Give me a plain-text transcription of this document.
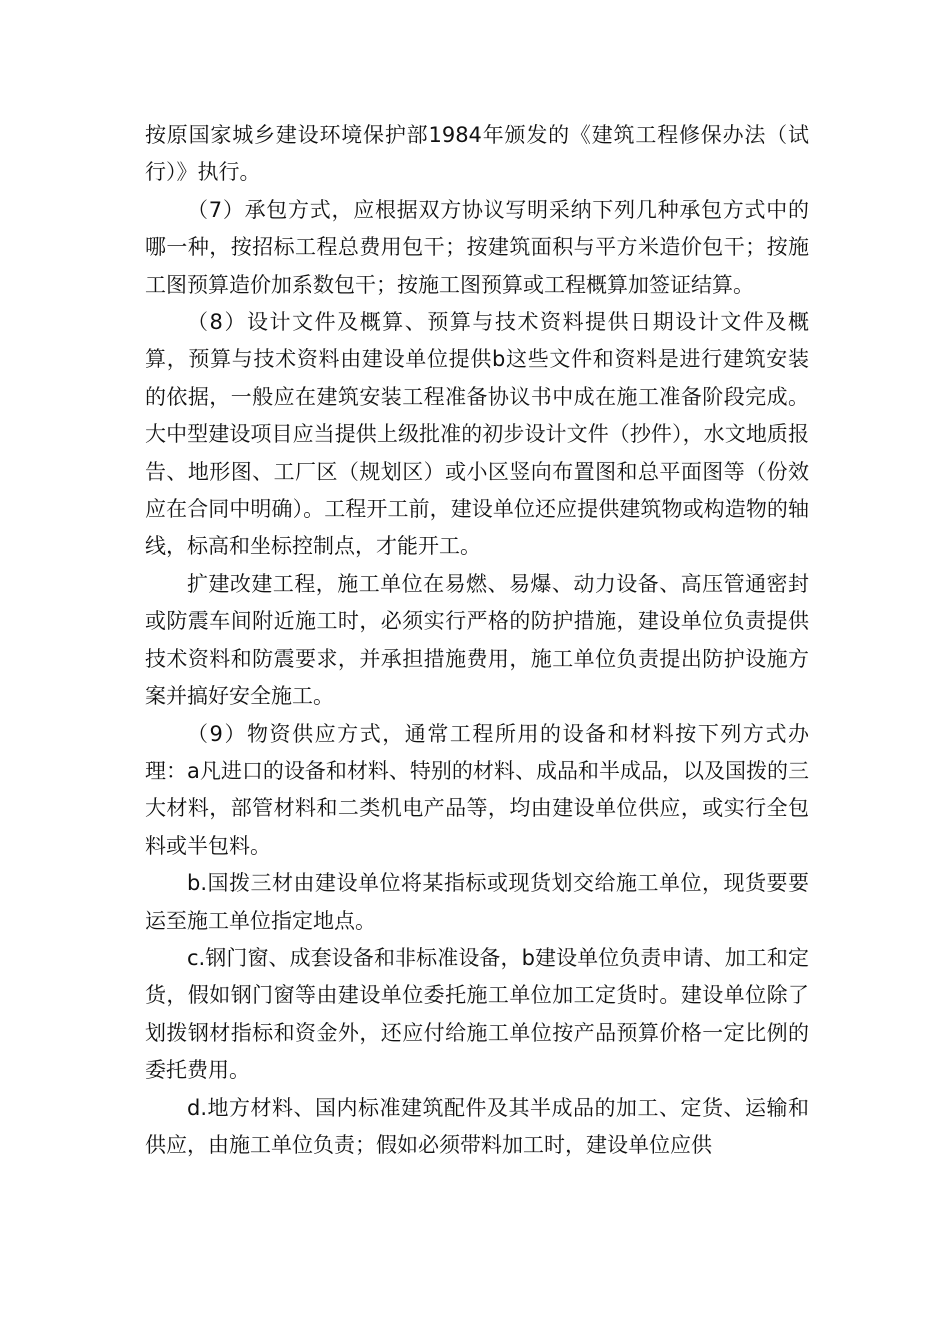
按原国家城乡建设环境保护部1984年颁发的《建筑工程修保办法（试行）》执行。

（7）承包方式，应根据双方协议写明采纳下列几种承包方式中的哪一种，按招标工程总费用包干；按建筑面积与平方米造价包干；按施工图预算造价加系数包干；按施工图预算或工程概算加签证结算。

（8）设计文件及概算、预算与技术资料提供日期设计文件及概算，预算与技术资料由建设单位提供b这些文件和资料是进行建筑安装的依据，一般应在建筑安装工程准备协议书中成在施工准备阶段完成。大中型建设项目应当提供上级批准的初步设计文件（抄件），水文地质报告、地形图、工厂区（规划区）或小区竖向布置图和总平面图等（份效应在合同中明确）。工程开工前，建设单位还应提供建筑物或构造物的轴线，标高和坐标控制点，才能开工。

扩建改建工程，施工单位在易燃、易爆、动力设备、高压管通密封或防震车间附近施工时，必须实行严格的防护措施，建设单位负责提供技术资料和防震要求，并承担措施费用，施工单位负责提出防护设施方案并搞好安全施工。

（9）物资供应方式，通常工程所用的设备和材料按下列方式办理：a凡进口的设备和材料、特别的材料、成品和半成品，以及国拨的三大材料，部管材料和二类机电产品等，均由建设单位供应，或实行全包料或半包料。

b.国拨三材由建设单位将某指标或现货划交给施工单位，现货要要运至施工单位指定地点。

c.钢门窗、成套设备和非标准设备，b建设单位负责申请、加工和定货，假如钢门窗等由建设单位委托施工单位加工定货时。建设单位除了划拨钢材指标和资金外，还应付给施工单位按产品预算价格一定比例的委托费用。

d.地方材料、国内标准建筑配件及其半成品的加工、定货、运输和供应，由施工单位负责；假如必须带料加工时，建设单位应供
